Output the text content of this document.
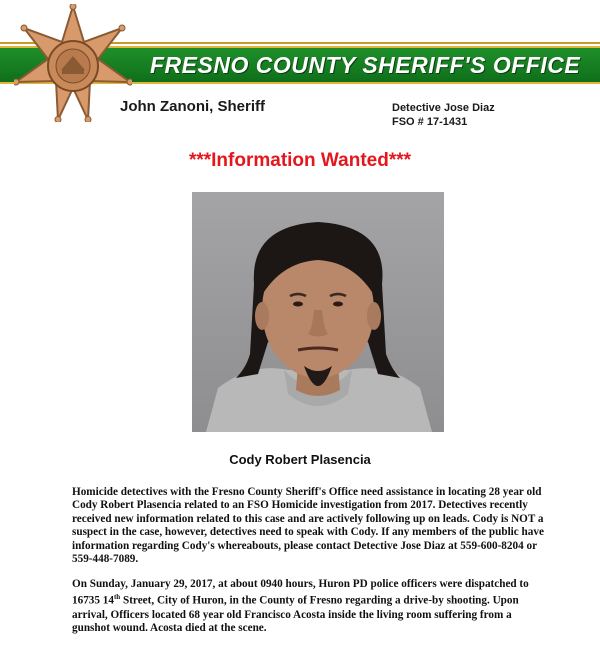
FRESNO COUNTY SHERIFF'S OFFICE
John Zanoni, Sheriff	Detective Jose Diaz
FSO # 17-1431
***Information Wanted***
Cody Robert Plasencia
Homicide detectives with the Fresno County Sheriff's Office need assistance in locating 28 year old Cody Robert Plasencia related to an FSO Homicide investigation from 2017. Detectives recently received new information related to this case and are actively following up on leads. Cody is NOT a suspect in the case, however, detectives need to speak with Cody. If any members of the public have information regarding Cody's whereabouts, please contact Detective Jose Diaz at 559-600-8204 or 559-448-7089.
On Sunday, January 29, 2017, at about 0940 hours, Huron PD police officers were dispatched to 16735 14th Street, City of Huron, in the County of Fresno regarding a drive-by shooting. Upon arrival, Officers located 68 year old Francisco Acosta inside the living room suffering from a gunshot wound. Acosta died at the scene.
